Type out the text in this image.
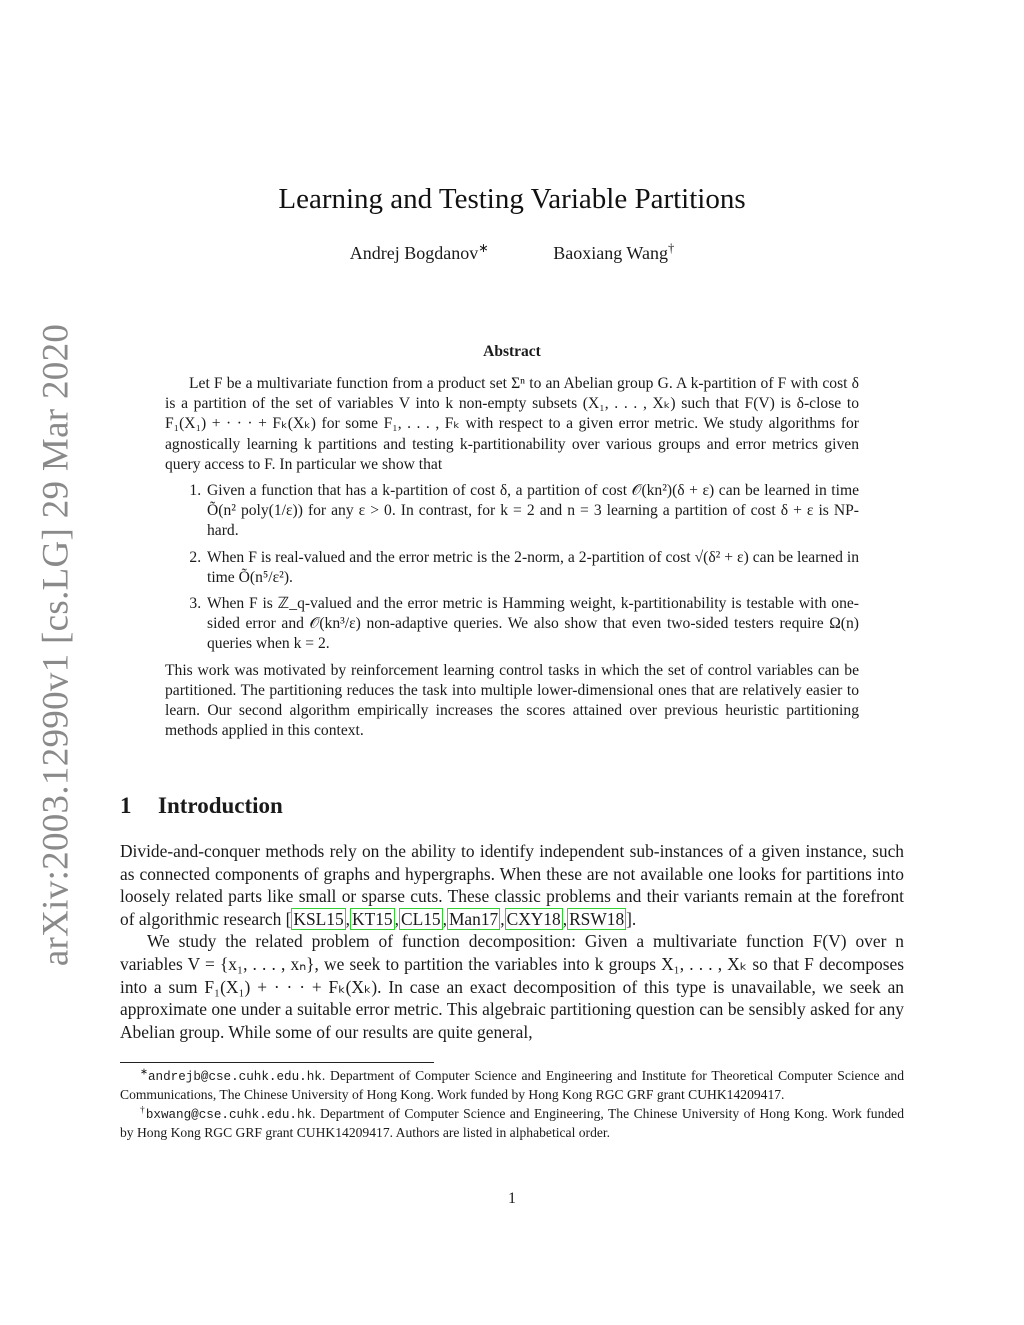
arXiv:2003.12990v1 [cs.LG] 29 Mar 2020
Learning and Testing Variable Partitions
Andrej Bogdanov∗	Baoxiang Wang†
Abstract

Let F be a multivariate function from a product set Σⁿ to an Abelian group G. A k-partition of F with cost δ is a partition of the set of variables V into k non-empty subsets (X₁, . . . , Xₖ) such that F(V) is δ-close to F₁(X₁) + · · · + Fₖ(Xₖ) for some F₁, . . . , Fₖ with respect to a given error metric. We study algorithms for agnostically learning k partitions and testing k-partitionability over various groups and error metrics given query access to F. In particular we show that

1. Given a function that has a k-partition of cost δ, a partition of cost 𝒪(kn²)(δ + ε) can be learned in time Õ(n² poly(1/ε)) for any ε > 0. In contrast, for k = 2 and n = 3 learning a partition of cost δ + ε is NP-hard.
2. When F is real-valued and the error metric is the 2-norm, a 2-partition of cost √(δ² + ε) can be learned in time Õ(n⁵/ε²).
3. When F is ℤ_q-valued and the error metric is Hamming weight, k-partitionability is testable with one-sided error and 𝒪(kn³/ε) non-adaptive queries. We also show that even two-sided testers require Ω(n) queries when k = 2.

This work was motivated by reinforcement learning control tasks in which the set of control variables can be partitioned. The partitioning reduces the task into multiple lower-dimensional ones that are relatively easier to learn. Our second algorithm empirically increases the scores attained over previous heuristic partitioning methods applied in this context.

1 Introduction

Divide-and-conquer methods rely on the ability to identify independent sub-instances of a given instance, such as connected components of graphs and hypergraphs. When these are not available one looks for partitions into loosely related parts like small or sparse cuts. These classic problems and their variants remain at the forefront of algorithmic research [ KSL15 , KT15 , CL15 , Man17 , CXY18 , RSW18 ].

We study the related problem of function decomposition: Given a multivariate function F(V) over n variables V = {x₁, . . . , xₙ}, we seek to partition the variables into k groups X₁, . . . , Xₖ so that F decomposes into a sum F₁(X₁) + · · · + Fₖ(Xₖ). In case an exact decomposition of this type is unavailable, we seek an approximate one under a suitable error metric. This algebraic partitioning question can be sensibly asked for any Abelian group. While some of our results are quite general,

∗andrejb@cse.cuhk.edu.hk. Department of Computer Science and Engineering and Institute for Theoretical Computer Science and Communications, The Chinese University of Hong Kong. Work funded by Hong Kong RGC GRF grant CUHK14209417.

†bxwang@cse.cuhk.edu.hk. Department of Computer Science and Engineering, The Chinese University of Hong Kong. Work funded by Hong Kong RGC GRF grant CUHK14209417. Authors are listed in alphabetical order.

1
